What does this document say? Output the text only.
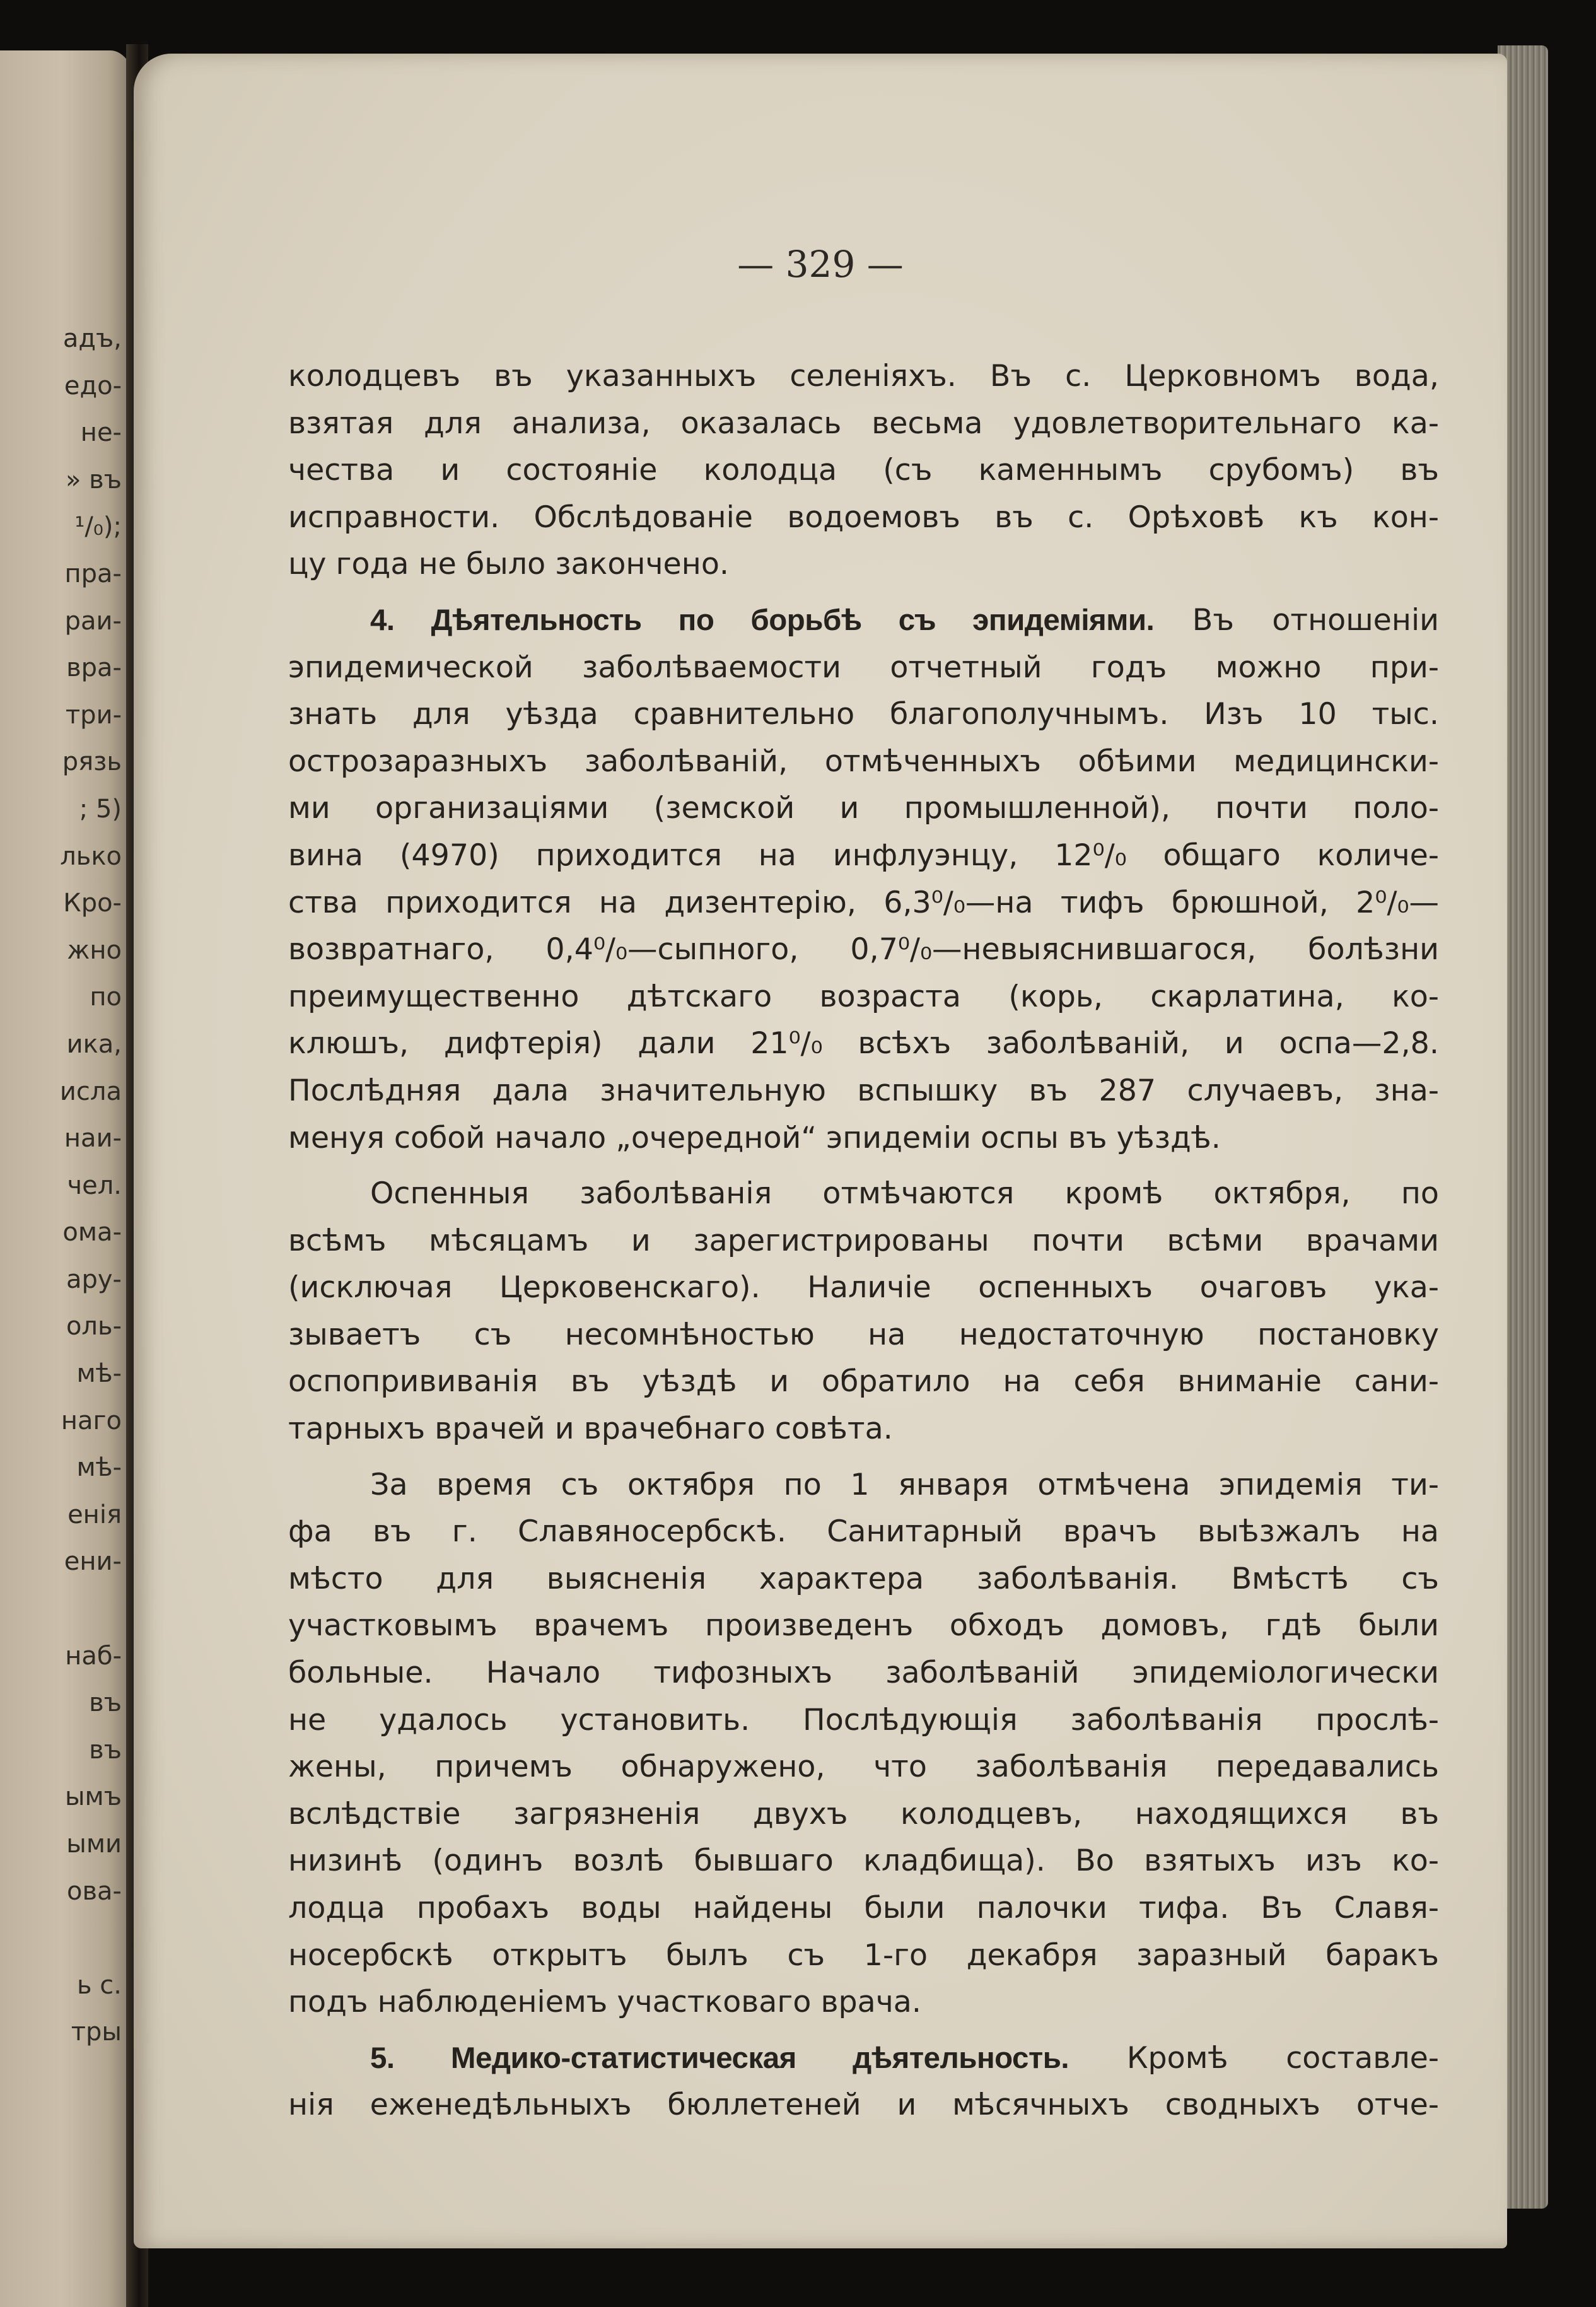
адъ,
едо-
не-
» въ
¹/₀);
пра-
раи-
вра-
три-
рязь
; 5)
лько
Кро-
жно
по
ика,
исла
наи-
чел.
ома-
ару-
оль-
мѣ-
наго
мѣ-
енія
ени-
наб-
въ
въ
ымъ
ыми
ова-
ь с.
тры
— 329 —
колодцевъ въ указанныхъ селеніяхъ. Въ с. Церковномъ вода,
взятая для анализа, оказалась весьма удовлетворительнаго ка-
чества и состояніе колодца (съ каменнымъ срубомъ) въ
исправности. Обслѣдованіе водоемовъ въ с. Орѣховѣ къ кон-
цу года не было закончено.
4. Дѣятельность по борьбѣ съ эпидеміями. Въ отношеніи
эпидемической заболѣваемости отчетный годъ можно при-
знать для уѣзда сравнительно благополучнымъ. Изъ 10 тыс.
острозаразныхъ заболѣваній, отмѣченныхъ обѣими медицински-
ми организаціями (земской и промышленной), почти поло-
вина (4970) приходится на инфлуэнцу, 12⁰/₀ общаго количе-
ства приходится на дизентерію, 6,3⁰/₀—на тифъ брюшной, 2⁰/₀—
возвратнаго, 0,4⁰/₀—сыпного, 0,7⁰/₀—невыяснившагося, болѣзни
преимущественно дѣтскаго возраста (корь, скарлатина, ко-
клюшъ, дифтерія) дали 21⁰/₀ всѣхъ заболѣваній, и оспа—2,8.
Послѣдняя дала значительную вспышку въ 287 случаевъ, зна-
менуя собой начало „очередной“ эпидеміи оспы въ уѣздѣ.
Оспенныя заболѣванія отмѣчаются кромѣ октября, по
всѣмъ мѣсяцамъ и зарегистрированы почти всѣми врачами
(исключая Церковенскаго). Наличіе оспенныхъ очаговъ ука-
зываетъ съ несомнѣностью на недостаточную постановку
оспопрививанія въ уѣздѣ и обратило на себя вниманіе сани-
тарныхъ врачей и врачебнаго совѣта.
За время съ октября по 1 января отмѣчена эпидемія ти-
фа въ г. Славяносербскѣ. Санитарный врачъ выѣзжалъ на
мѣсто для выясненія характера заболѣванія. Вмѣстѣ съ
участковымъ врачемъ произведенъ обходъ домовъ, гдѣ были
больные. Начало тифозныхъ заболѣваній эпидеміологически
не удалось установить. Послѣдующія заболѣванія прослѣ-
жены, причемъ обнаружено, что заболѣванія передавались
вслѣдствіе загрязненія двухъ колодцевъ, находящихся въ
низинѣ (одинъ возлѣ бывшаго кладбища). Во взятыхъ изъ ко-
лодца пробахъ воды найдены были палочки тифа. Въ Славя-
носербскѣ открытъ былъ съ 1-го декабря заразный баракъ
подъ наблюденіемъ участковаго врача.
5. Медико-статистическая дѣятельность. Кромѣ составле-
нія еженедѣльныхъ бюллетеней и мѣсячныхъ сводныхъ отче-
